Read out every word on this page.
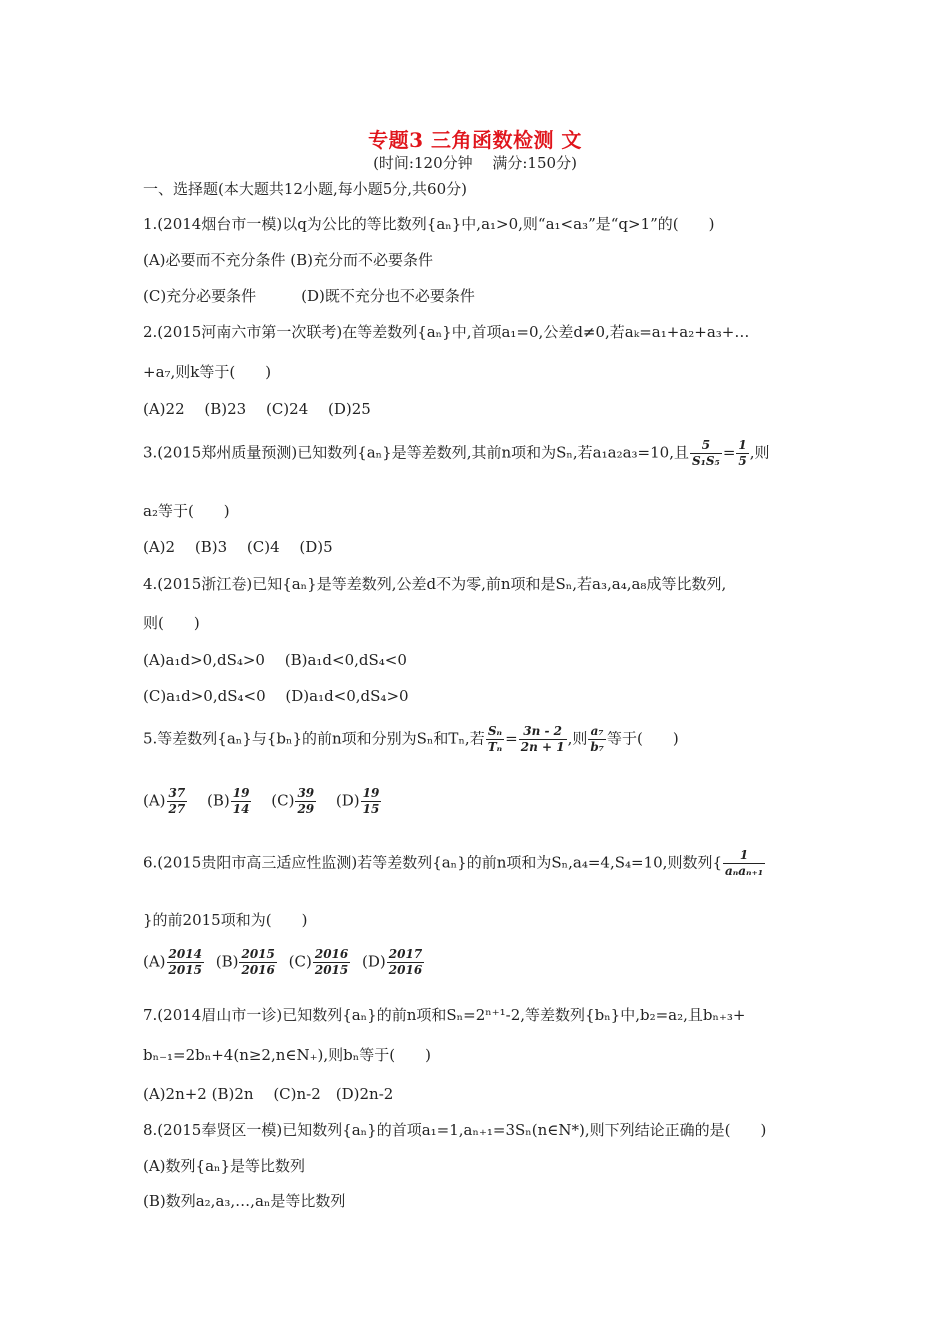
专题3 三角函数检测 文
(时间:120分钟　 满分:150分)
一、选择题(本大题共12小题,每小题5分,共60分)
1.(2014烟台市一模)以q为公比的等比数列{aₙ}中,a₁>0,则“a₁<a₃”是“q>1”的(　　)
(A)必要而不充分条件 (B)充分而不必要条件
(C)充分必要条件　　　(D)既不充分也不必要条件
2.(2015河南六市第一次联考)在等差数列{aₙ}中,首项a₁=0,公差d≠0,若aₖ=a₁+a₂+a₃+…
+a₇,则k等于(　　)
(A)22　 (B)23　 (C)24　 (D)25
3.(2015郑州质量预测)已知数列{aₙ}是等差数列,其前n项和为Sₙ,若a₁a₂a₃=10,且 $\frac{5}{\text{S₁S₅}} = \frac{1}{5}$ ,则
a₂等于(　　)
(A)2　 (B)3　 (C)4　 (D)5
4.(2015浙江卷)已知{aₙ}是等差数列,公差d不为零,前n项和是Sₙ,若a₃,a₄,a₈成等比数列,
则(　　)
(A)a₁d>0,dS₄>0　 (B)a₁d<0,dS₄<0
(C)a₁d>0,dS₄<0　 (D)a₁d<0,dS₄>0
5.等差数列{aₙ}与{bₙ}的前n项和分别为Sₙ和Tₙ,若 $\frac{\text{Sₙ}}{\text{Tₙ}} = \frac{3n - 2}{2n + 1}$ ,则 $\frac{\text{a₇}}{\text{b₇}}$ 等于(　　)
$(A) \frac{37}{27} (B) \frac{19}{14} (C) \frac{39}{29} (D) \frac{19}{15}$
6.(2015贵阳市高三适应性监测)若等差数列{aₙ}的前n项和为Sₙ,a₄=4,S₄=10,则数列{ $\frac{1}{\text{aₙaₙ₊₁}}$
}的前2015项和为(　　)
$(A) \frac{2014}{2015} (B) \frac{2015}{2016} (C) \frac{2016}{2015} (D) \frac{2017}{2016}$
7.(2014眉山市一诊)已知数列{aₙ}的前n项和Sₙ=2ⁿ⁺¹-2,等差数列{bₙ}中,b₂=a₂,且bₙ₊₃+
bₙ₋₁=2bₙ+4(n≥2,n∈N₊),则bₙ等于(　　)
(A)2n+2 (B)2n　 (C)n-2　(D)2n-2
8.(2015奉贤区一模)已知数列{aₙ}的首项a₁=1,aₙ₊₁=3Sₙ(n∈N*),则下列结论正确的是(　　)
(A)数列{aₙ}是等比数列
(B)数列a₂,a₃,…,aₙ是等比数列
